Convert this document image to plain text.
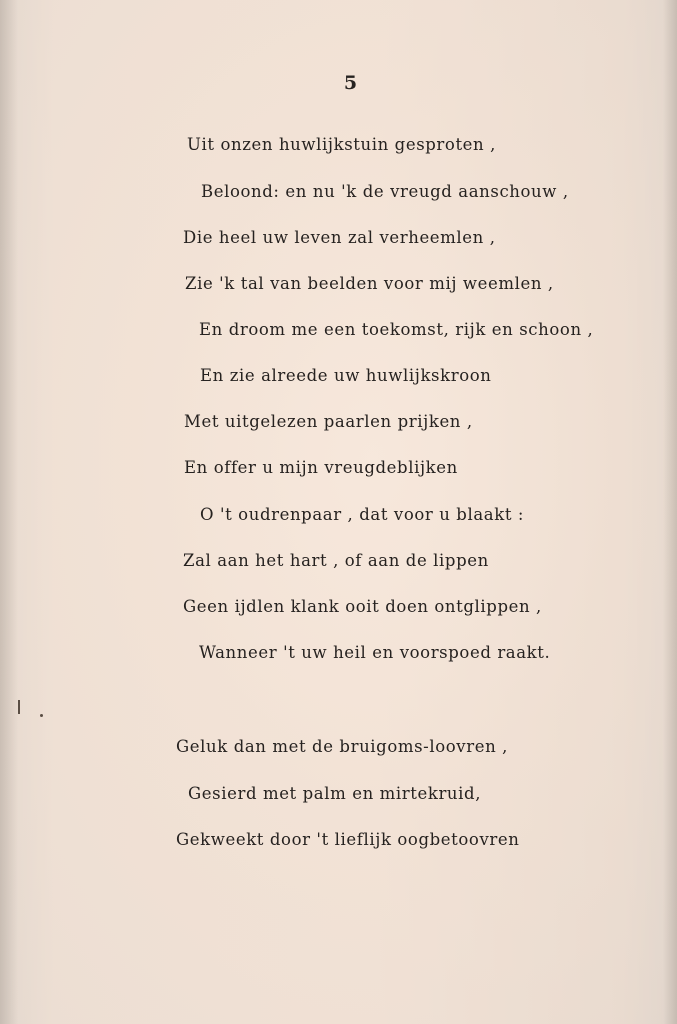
5
Uit onzen huwlijkstuin gesproten ,
Beloond: en nu 'k de vreugd aanschouw ,
Die heel uw leven zal verheemlen ,
Zie 'k tal van beelden voor mij weemlen ,
En droom me een toekomst, rijk en schoon ,
En zie alreede uw huwlijkskroon
Met uitgelezen paarlen prijken ,
En offer u mijn vreugdeblijken
O 't oudrenpaar , dat voor u blaakt :
Zal aan het hart , of aan de lippen
Geen ijdlen klank ooit doen ontglippen ,
Wanneer 't uw heil en voorspoed raakt.
Geluk dan met de bruigoms-loovren ,
Gesierd met palm en mirtekruid,
Gekweekt door 't lieflijk oogbetoovren
